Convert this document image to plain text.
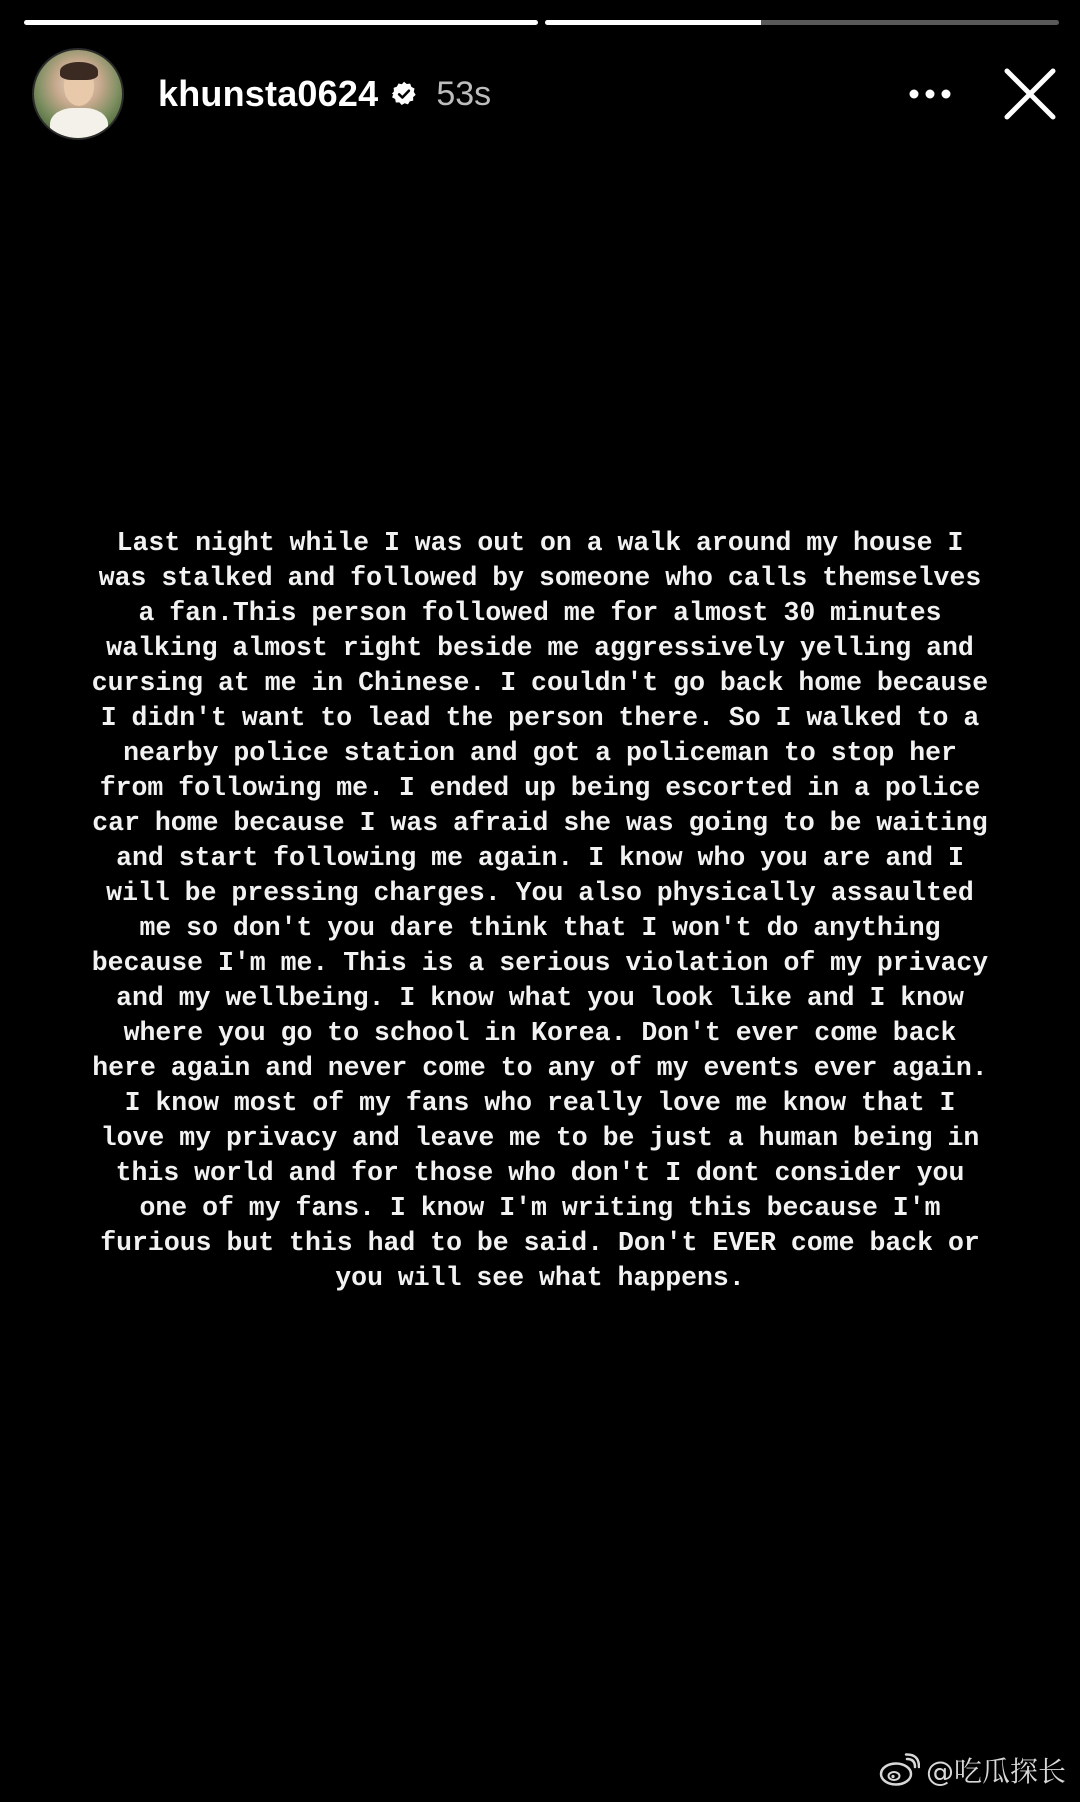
khunsta0624 53s
Last night while I was out on a walk around my house I was stalked and followed by someone who calls themselves a fan.This person followed me for almost 30 minutes walking almost right beside me aggressively yelling and cursing at me in Chinese. I couldn't go back home because I didn't want to lead the person there. So I walked to a nearby police station and got a policeman to stop her from following me. I ended up being escorted in a police car home because I was afraid she was going to be waiting and start following me again. I know who you are and I will be pressing charges. You also physically assaulted me so don't you dare think that I won't do anything because I'm me. This is a serious violation of my privacy and my wellbeing. I know what you look like and I know where you go to school in Korea. Don't ever come back here again and never come to any of my events ever again. I know most of my fans who really love me know that I love my privacy and leave me to be just a human being in this world and for those who don't I dont consider you one of my fans. I know I'm writing this because I'm furious but this had to be said. Don't EVER come back or you will see what happens.
@吃瓜探长
